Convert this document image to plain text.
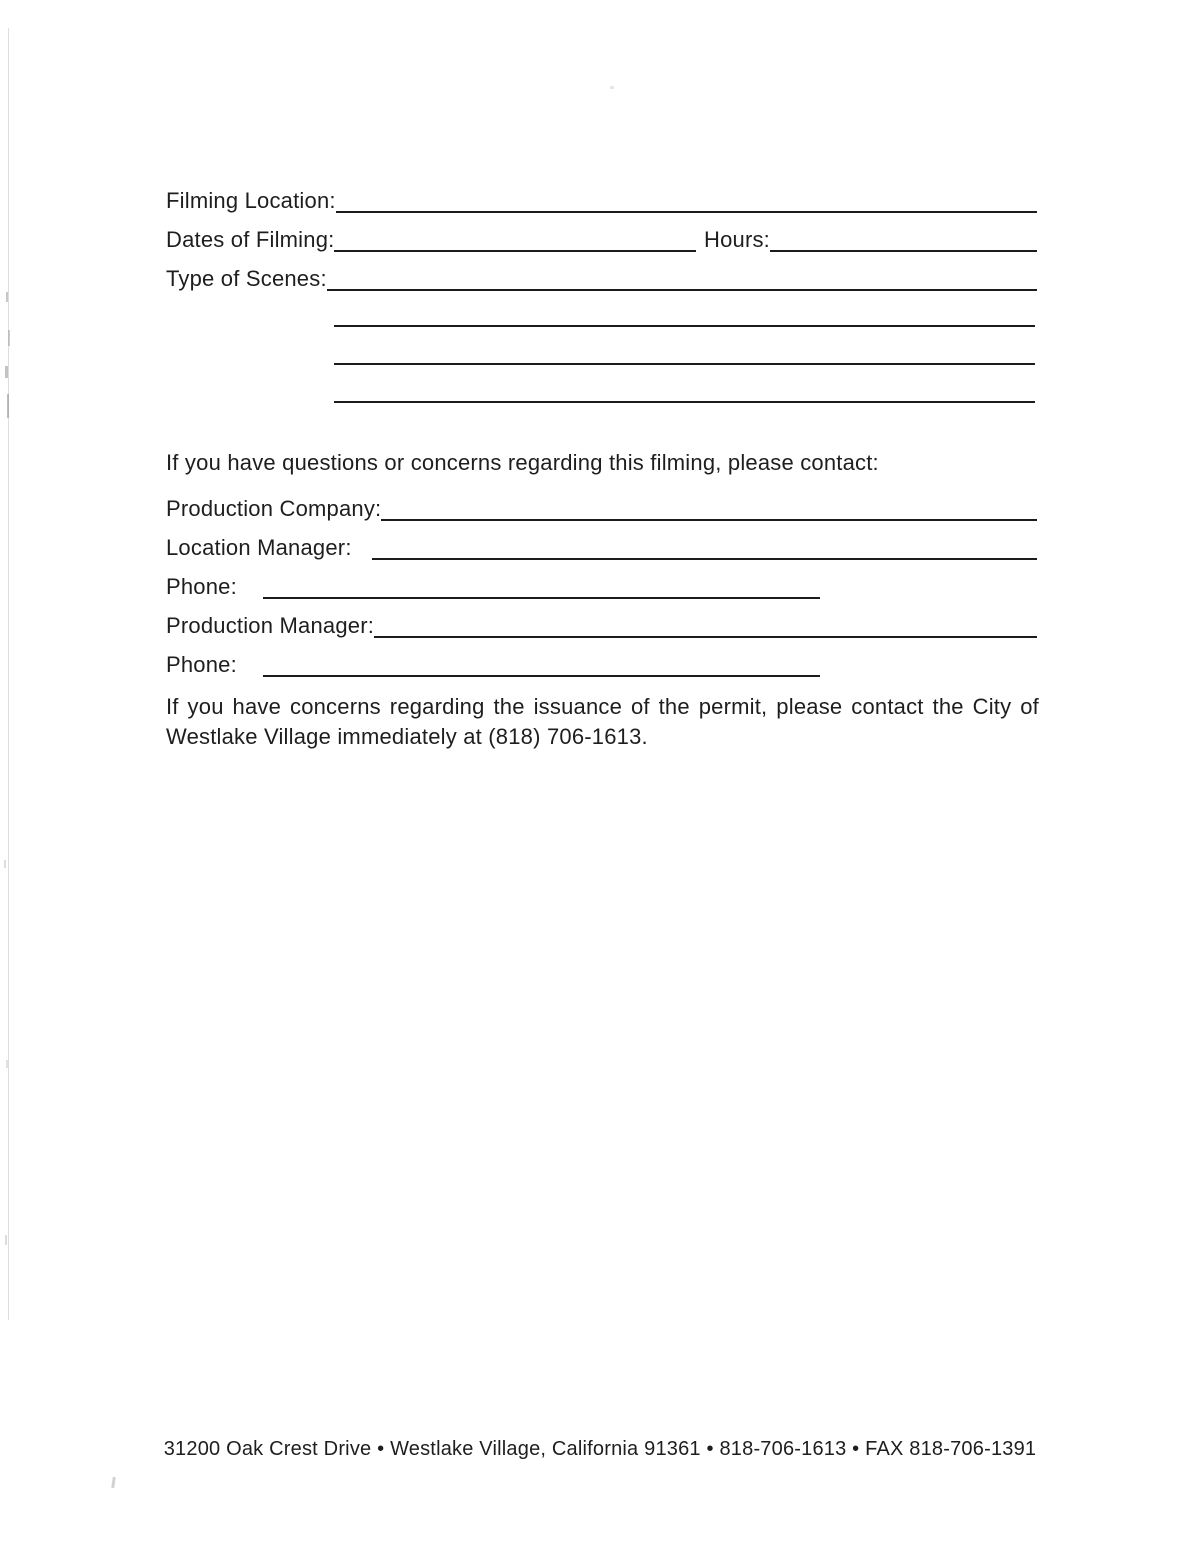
Filming Location:
Dates of Filming:	Hours:
Type of Scenes:
If you have questions or concerns regarding this filming, please contact:
Production Company:
Location Manager:
Phone:
Production Manager:
Phone:
If you have concerns regarding the issuance of the permit, please contact the City of Westlake Village immediately at (818) 706-1613.
31200 Oak Crest Drive • Westlake Village, California 91361 • 818-706-1613 • FAX 818-706-1391
